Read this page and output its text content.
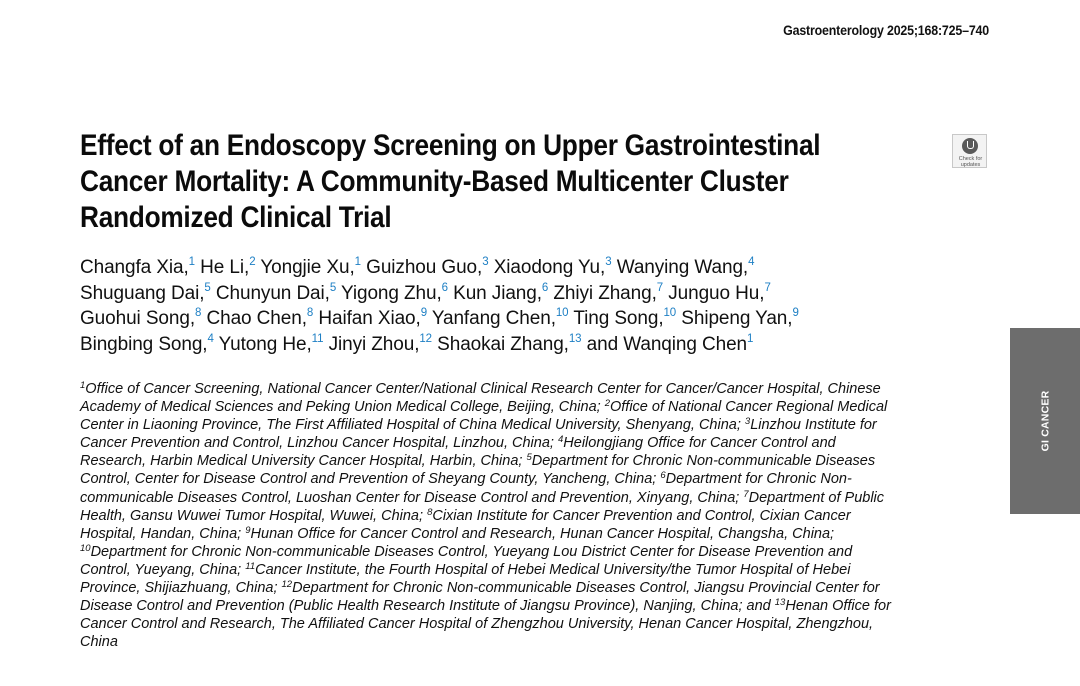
Gastroenterology 2025;168:725–740
Effect of an Endoscopy Screening on Upper Gastrointestinal
Cancer Mortality: A Community-Based Multicenter Cluster
Randomized Clinical Trial
Check for
updates
Changfa Xia,$^1$ He Li,$^2$ Yongjie Xu,$^1$ Guizhou Guo,$^3$ Xiaodong Yu,$^3$ Wanying Wang,$^4$
Shuguang Dai,$^5$ Chunyun Dai,$^5$ Yigong Zhu,$^6$ Kun Jiang,$^6$ Zhiyi Zhang,$^7$ Junguo Hu,$^7$
Guohui Song,$^8$ Chao Chen,$^8$ Haifan Xiao,$^9$ Yanfang Chen,$^{10}$ Ting Song,$^{10}$ Shipeng Yan,$^9$
Bingbing Song,$^4$ Yutong He,$^{11}$ Jinyi Zhou,$^{12}$ Shaokai Zhang,$^{13}$ and Wanqing Chen$^1$
$^1$Office of Cancer Screening, National Cancer Center/National Clinical Research Center for Cancer/Cancer Hospital, Chinese
Academy of Medical Sciences and Peking Union Medical College, Beijing, China; $^2$Office of National Cancer Regional Medical
Center in Liaoning Province, The First Affiliated Hospital of China Medical University, Shenyang, China; $^3$Linzhou Institute for
Cancer Prevention and Control, Linzhou Cancer Hospital, Linzhou, China; $^4$Heilongjiang Office for Cancer Control and
Research, Harbin Medical University Cancer Hospital, Harbin, China; $^5$Department for Chronic Non-communicable Diseases
Control, Center for Disease Control and Prevention of Sheyang County, Yancheng, China; $^6$Department for Chronic Non-
communicable Diseases Control, Luoshan Center for Disease Control and Prevention, Xinyang, China; $^7$Department of Public
Health, Gansu Wuwei Tumor Hospital, Wuwei, China; $^8$Cixian Institute for Cancer Prevention and Control, Cixian Cancer
Hospital, Handan, China; $^9$Hunan Office for Cancer Control and Research, Hunan Cancer Hospital, Changsha, China;
$^{10}$Department for Chronic Non-communicable Diseases Control, Yueyang Lou District Center for Disease Prevention and
Control, Yueyang, China; $^{11}$Cancer Institute, the Fourth Hospital of Hebei Medical University/the Tumor Hospital of Hebei
Province, Shijiazhuang, China; $^{12}$Department for Chronic Non-communicable Diseases Control, Jiangsu Provincial Center for
Disease Control and Prevention (Public Health Research Institute of Jiangsu Province), Nanjing, China; and $^{13}$Henan Office for
Cancer Control and Research, The Affiliated Cancer Hospital of Zhengzhou University, Henan Cancer Hospital, Zhengzhou,
China
GI CANCER
